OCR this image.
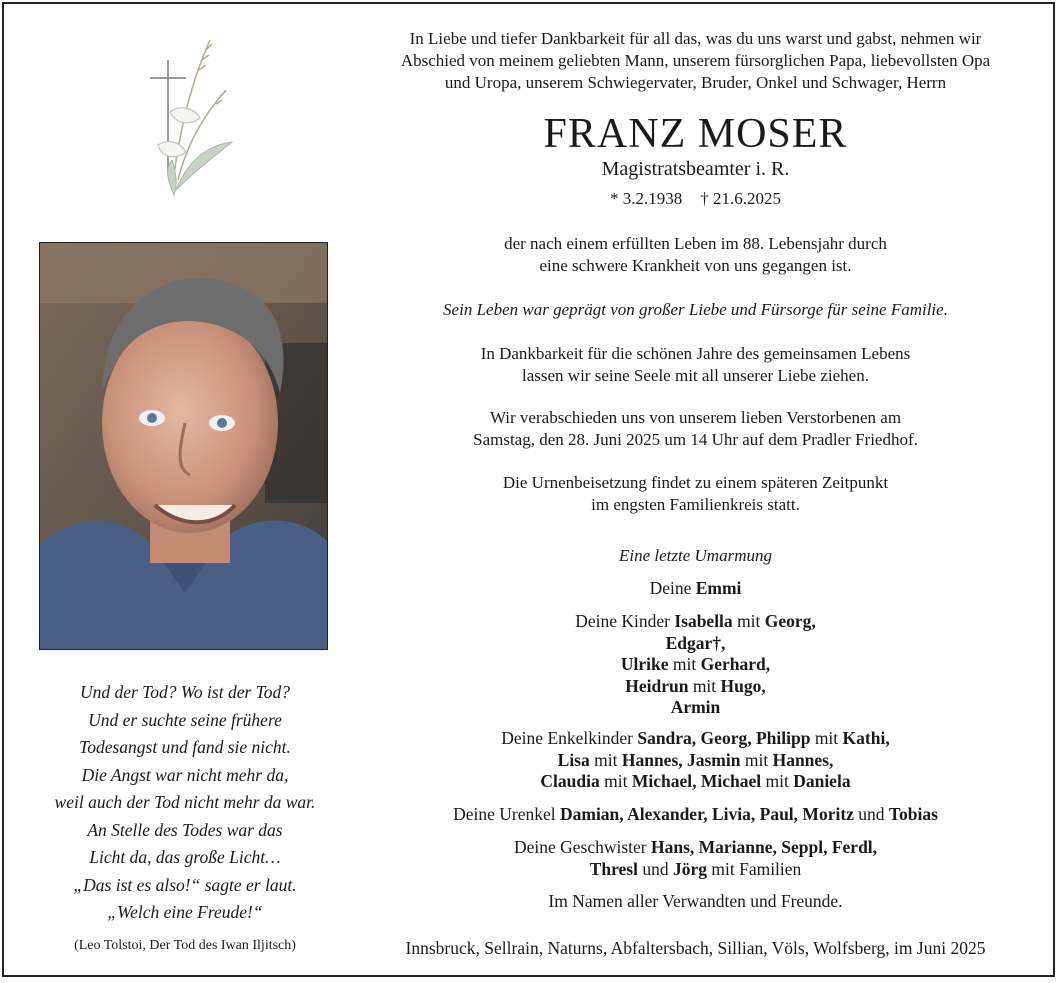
Und der Tod? Wo ist der Tod?
Und er suchte seine frühere
Todesangst und fand sie nicht.
Die Angst war nicht mehr da,
weil auch der Tod nicht mehr da war.
An Stelle des Todes war das
Licht da, das große Licht…
„Das ist es also!“ sagte er laut.
„Welch eine Freude!“
(Leo Tolstoi, Der Tod des Iwan Iljitsch)
In Liebe und tiefer Dankbarkeit für all das, was du uns warst und gabst, nehmen wir
Abschied von meinem geliebten Mann, unserem fürsorglichen Papa, liebevollsten Opa
und Uropa, unserem Schwiegervater, Bruder, Onkel und Schwager, Herrn
FRANZ MOSER
Magistratsbeamter i. R.
* 3.2.1938 † 21.6.2025
der nach einem erfüllten Leben im 88. Lebensjahr durch
eine schwere Krankheit von uns gegangen ist.
Sein Leben war geprägt von großer Liebe und Fürsorge für seine Familie.
In Dankbarkeit für die schönen Jahre des gemeinsamen Lebens
lassen wir seine Seele mit all unserer Liebe ziehen.
Wir verabschieden uns von unserem lieben Verstorbenen am
Samstag, den 28. Juni 2025 um 14 Uhr auf dem Pradler Friedhof.
Die Urnenbeisetzung findet zu einem späteren Zeitpunkt
im engsten Familienkreis statt.
Eine letzte Umarmung
Deine Emmi
Deine Kinder Isabella mit Georg,
Edgar†,
Ulrike mit Gerhard,
Heidrun mit Hugo,
Armin
Deine Enkelkinder Sandra, Georg, Philipp mit Kathi,
Lisa mit Hannes, Jasmin mit Hannes,
Claudia mit Michael, Michael mit Daniela
Deine Urenkel Damian, Alexander, Livia, Paul, Moritz und Tobias
Deine Geschwister Hans, Marianne, Seppl, Ferdl,
Thresl und Jörg mit Familien
Im Namen aller Verwandten und Freunde.
Innsbruck, Sellrain, Naturns, Abfaltersbach, Sillian, Völs, Wolfsberg, im Juni 2025
